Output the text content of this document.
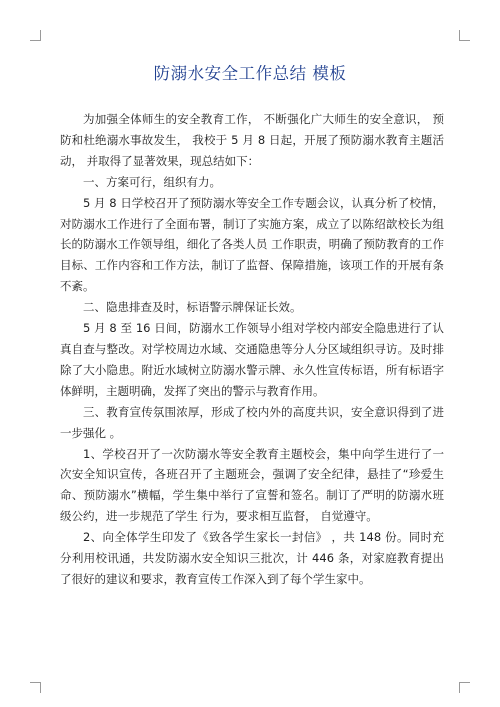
防溺水安全工作总结 模板

为加强全体师生的安全教育工作， 不断强化广大师生的安全意识， 预防和杜绝溺水事故发生， 我校于 5 月 8 日起，开展了预防溺水教育主题活动， 并取得了显著效果，现总结如下：

一、方案可行，组织有力。

5 月 8 日学校召开了预防溺水等安全工作专题会议，认真分析了校情，对防溺水工作进行了全面布署，制订了实施方案，成立了以陈绍歆校长为组长的防溺水工作领导组，细化了各类人员 工作职责，明确了预防教育的工作目标、工作内容和工作方法，制订了监督、保障措施，该项工作的开展有条不紊。

二、隐患排查及时，标语警示牌保证长效。

5 月 8 至 16 日间，防溺水工作领导小组对学校内部安全隐患进行了认真自查与整改。对学校周边水域、交通隐患等分人分区域组织寻访。及时排除了大小隐患。附近水域树立防溺水警示牌、永久性宣传标语，所有标语字体鲜明，主题明确，发挥了突出的警示与教育作用。

三、教育宣传氛围浓厚，形成了校内外的高度共识，安全意识得到了进一步强化 。

1、学校召开了一次防溺水等安全教育主题校会，集中向学生进行了一次安全知识宣传，各班召开了主题班会，强调了安全纪律，悬挂了“珍爱生命、预防溺水”横幅，学生集中举行了宣誓和签名。制订了严明的防溺水班级公约，进一步规范了学生 行为，要求相互监督， 自觉遵守。

2、向全体学生印发了《致各学生家长一封信》 ，共 148 份。同时充分利用校讯通，共发防溺水安全知识三批次，计 446 条，对家庭教育提出了很好的建议和要求，教育宣传工作深入到了每个学生家中。
